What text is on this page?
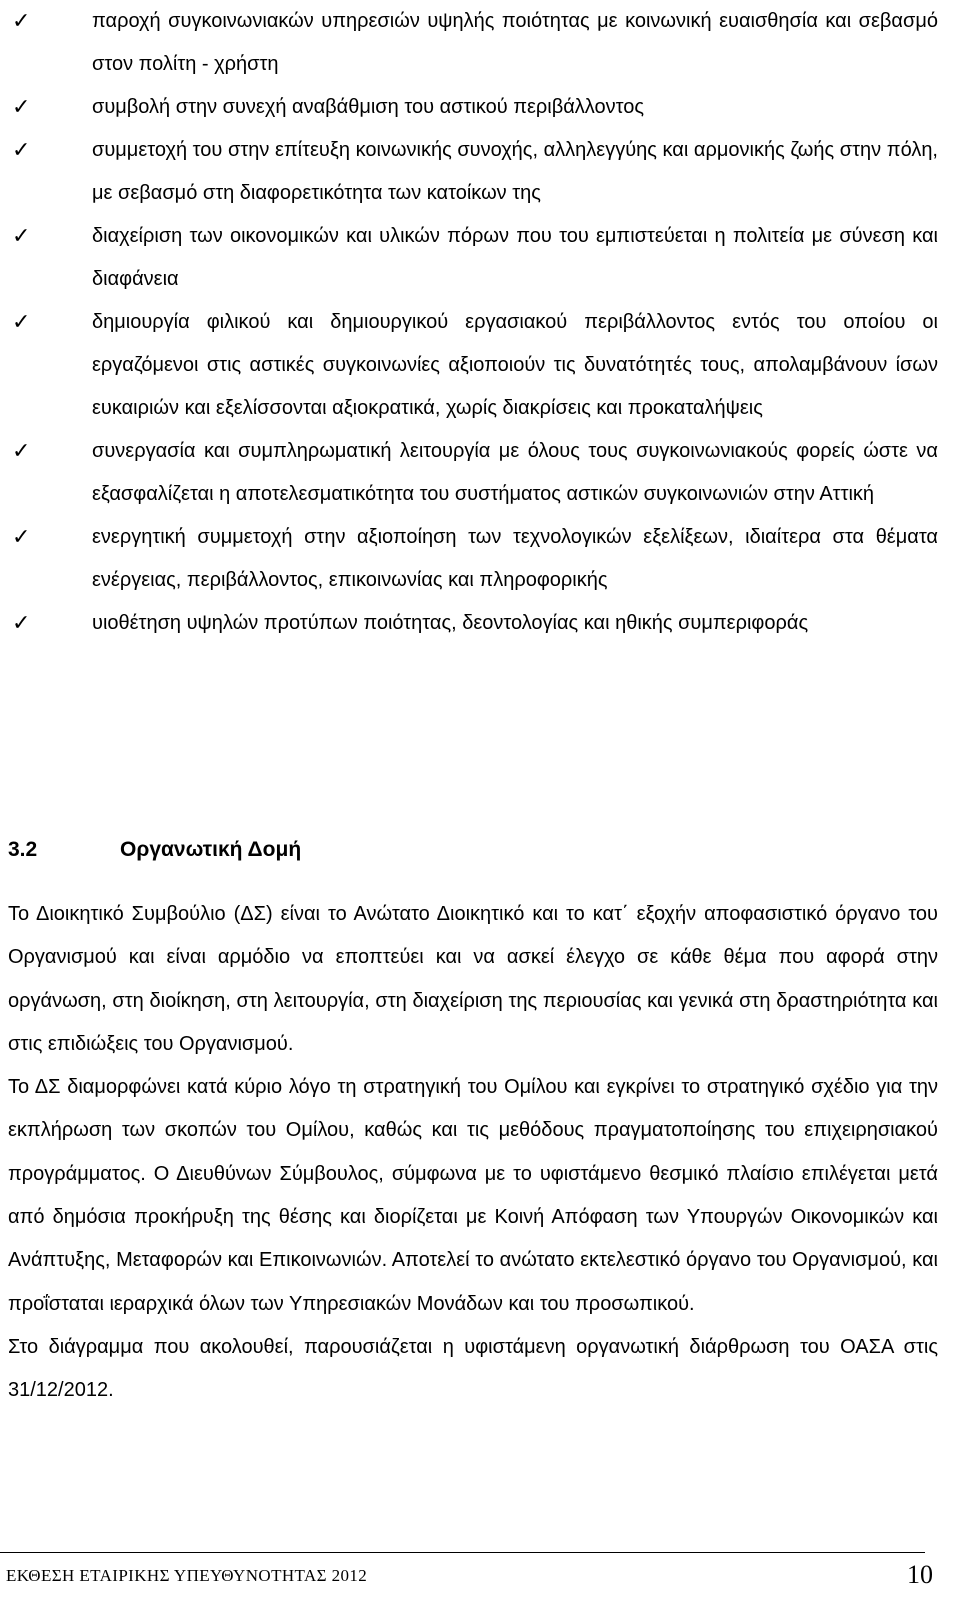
✓	παροχή συγκοινωνιακών υπηρεσιών υψηλής ποιότητας με κοινωνική ευαισθησία και σεβασμό στον πολίτη - χρήστη
✓	συμβολή στην συνεχή αναβάθμιση του αστικού περιβάλλοντος
✓	συμμετοχή του στην επίτευξη κοινωνικής συνοχής, αλληλεγγύης και αρμονικής ζωής στην πόλη, με σεβασμό στη διαφορετικότητα των κατοίκων της
✓	διαχείριση των οικονομικών και υλικών πόρων που του εμπιστεύεται η πολιτεία με σύνεση και διαφάνεια
✓	δημιουργία φιλικού και δημιουργικού εργασιακού περιβάλλοντος εντός του οποίου οι εργαζόμενοι στις αστικές συγκοινωνίες αξιοποιούν τις δυνατότητές τους, απολαμβάνουν ίσων ευκαιριών και εξελίσσονται αξιοκρατικά, χωρίς διακρίσεις και προκαταλήψεις
✓	συνεργασία και συμπληρωματική λειτουργία με όλους τους συγκοινωνιακούς φορείς ώστε να εξασφαλίζεται η αποτελεσματικότητα του συστήματος αστικών συγκοινωνιών στην Αττική
✓	ενεργητική συμμετοχή στην αξιοποίηση των τεχνολογικών εξελίξεων, ιδιαίτερα στα θέματα ενέργειας, περιβάλλοντος, επικοινωνίας και πληροφορικής
✓	υιοθέτηση υψηλών προτύπων ποιότητας, δεοντολογίας και ηθικής συμπεριφοράς
3.2	Οργανωτική Δομή

Το Διοικητικό Συμβούλιο (ΔΣ) είναι το Ανώτατο Διοικητικό και το κατ΄ εξοχήν αποφασιστικό όργανο του Οργανισμού και είναι αρμόδιο να εποπτεύει και να ασκεί έλεγχο σε κάθε θέμα που αφορά στην οργάνωση, στη διοίκηση, στη λειτουργία, στη διαχείριση της περιουσίας και γενικά στη δραστηριότητα και στις επιδιώξεις του Οργανισμού.

Το ΔΣ διαμορφώνει κατά κύριο λόγο τη στρατηγική του Ομίλου και εγκρίνει το στρατηγικό σχέδιο για την εκπλήρωση των σκοπών του Ομίλου, καθώς και τις μεθόδους πραγματοποίησης του επιχειρησιακού προγράμματος. Ο Διευθύνων Σύμβουλος, σύμφωνα με το υφιστάμενο θεσμικό πλαίσιο επιλέγεται μετά από δημόσια προκήρυξη της θέσης και διορίζεται με Κοινή Απόφαση των Υπουργών Οικονομικών και Ανάπτυξης, Μεταφορών και Επικοινωνιών. Αποτελεί το ανώτατο εκτελεστικό όργανο του Οργανισμού, και προΐσταται ιεραρχικά όλων των Υπηρεσιακών Μονάδων και του προσωπικού.

Στο διάγραμμα που ακολουθεί, παρουσιάζεται η υφιστάμενη οργανωτική διάρθρωση του ΟΑΣΑ στις 31/12/2012.

ΕΚΘΕΣΗ ΕΤΑΙΡΙΚΗΣ ΥΠΕΥΘΥΝΟΤΗΤΑΣ 2012	10
